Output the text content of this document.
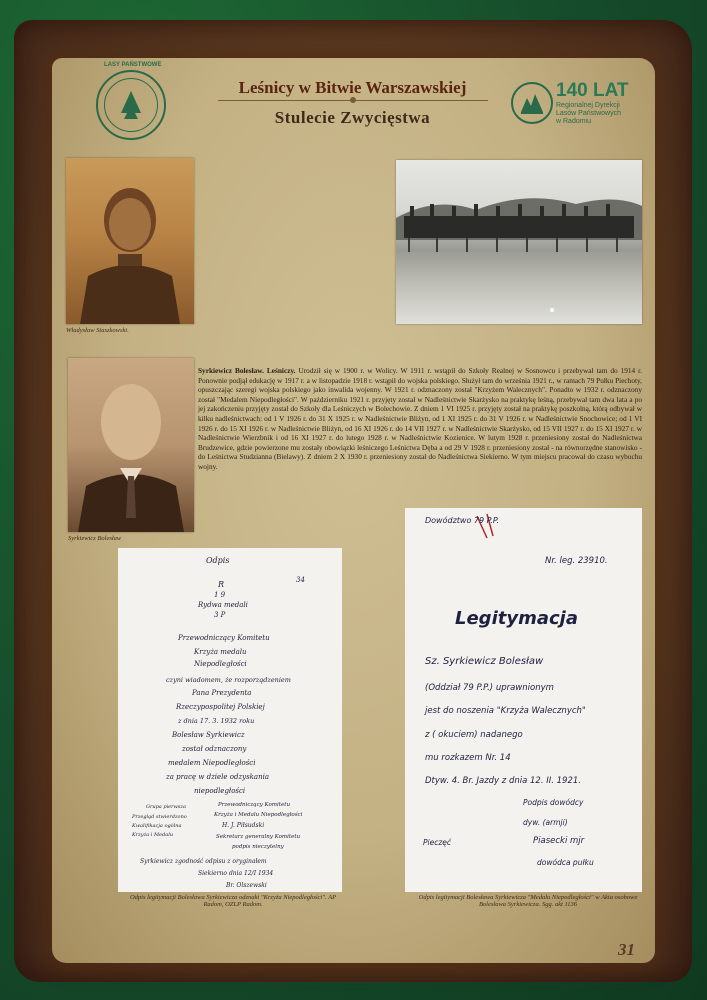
LASY PAŃSTWOWE
Leśnicy w Bitwie Warszawskiej
Stulecie Zwycięstwa
140 LAT
Regionalnej Dyrekcji
Lasów Państwowych
w Radomiu
Władysław Staszkowski.
Syrkiewicz Bolesław
Syrkiewicz Bolesław. Leśniczy. Urodził się w 1900 r. w Wolicy. W 1911 r. wstąpił do Szkoły Realnej w Sosnowcu i przebywał tam do 1914 r. Ponownie podjął edukację w 1917 r. a w listopadzie 1918 r. wstąpił do wojska polskiego. Służył tam do września 1921 r., w ramach 79 Pułku Piechoty, opuszczając szeregi wojska polskiego jako inwalida wojenny. W 1921 r. odznaczony został "Krzyżem Walecznych". Ponadto w 1932 r. odznaczony został "Medalem Niepodległości". W październiku 1921 r. przyjęty został w Nadleśnictwie Skarżysko na praktykę leśną, przebywał tam dwa lata a po jej zakończeniu przyjęty został do Szkoły dla Leśniczych w Bolechowie. Z dniem 1 VI 1925 r. przyjęty został na praktykę poszkolną, którą odbywał w kilku nadleśnictwach: od 1 V 1926 r. do 31 X 1925 r. w Nadleśnictwie Bliżyn, od 1 XI 1925 r. do 31 V 1926 r. w Nadleśnictwie Snochowice; od 1 VI 1926 r. do 15 XI 1926 r. w Nadleśnictwie Bliżyn, od 16 XI 1926 r. do 14 VII 1927 r. w Nadleśnictwie Skarżysko, od 15 VII 1927 r. do 15 XI 1927 r. w Nadleśnictwie Wierzbnik i od 16 XI 1927 r. do lutego 1928 r. w Nadleśnictwie Kozienice. W lutym 1928 r. przeniesiony został do Nadleśnictwa Brudzewice, gdzie powierzone mu zostały obowiązki leśniczego Leśnictwa Dęba a od 29 V 1928 r. przeniesiony został - na równorzędne stanowisko - do Leśnictwa Studzianna (Bielawy). Z dniem 2 X 1930 r. przeniesiony został do Nadleśnictwa Siekierno. W tym miejscu pracował do czasu wybuchu wojny.
Odpis
34
R
1 9
Rydwa medali
3 P
Przewodniczący Komitetu
Krzyża medalu
Niepodległości
czyni wiadomem, że rozporządzeniem
Pana Prezydenta
Rzeczypospolitej Polskiej
z dnia 17. 3. 1932 roku
Bolesław Syrkiewicz
został odznaczony
medalem Niepodległości
za pracę w dziele odzyskania
niepodległości
Przewodniczący Komitetu
Krzyża i Medalu Niepodległości
H. J. Piłsudski
Sekretarz generalny Komitetu
podpis nieczytelny
Syrkiewicz zgodność odpisu z oryginałem
Siekierno dnia 12/I 1934
Br. Olszewski
Grupa pierwsza
Przegląd stwierdzono
Kwalifikacja ogólna
Krzyża i Medalu
Odpis legitymacji Bolesława Syrkiewicza odznaki "Krzyża Niepodległości". AP Radom, OZLP Radom.
Dowództwo 79 P.P.
Nr. leg. 23910.
Legitymacja
Sz. Syrkiewicz Bolesław
(Oddział 79 P.P.) uprawnionym
jest do noszenia "Krzyża Walecznych"
z ( okuciem) nadanego
mu rozkazem Nr. 14
Dtyw. 4. Br. Jazdy z dnia 12. II. 1921.
Podpis dowódcy
dyw. (armji)
Piasecki mjr
dowódca pułku
Pieczęć
Odpis legitymacji Bolesława Syrkiewicza "Medalu Niepodległości" w Akta osobowe Bolesława Syrkiewicza. Sgg. akt 1136
31
